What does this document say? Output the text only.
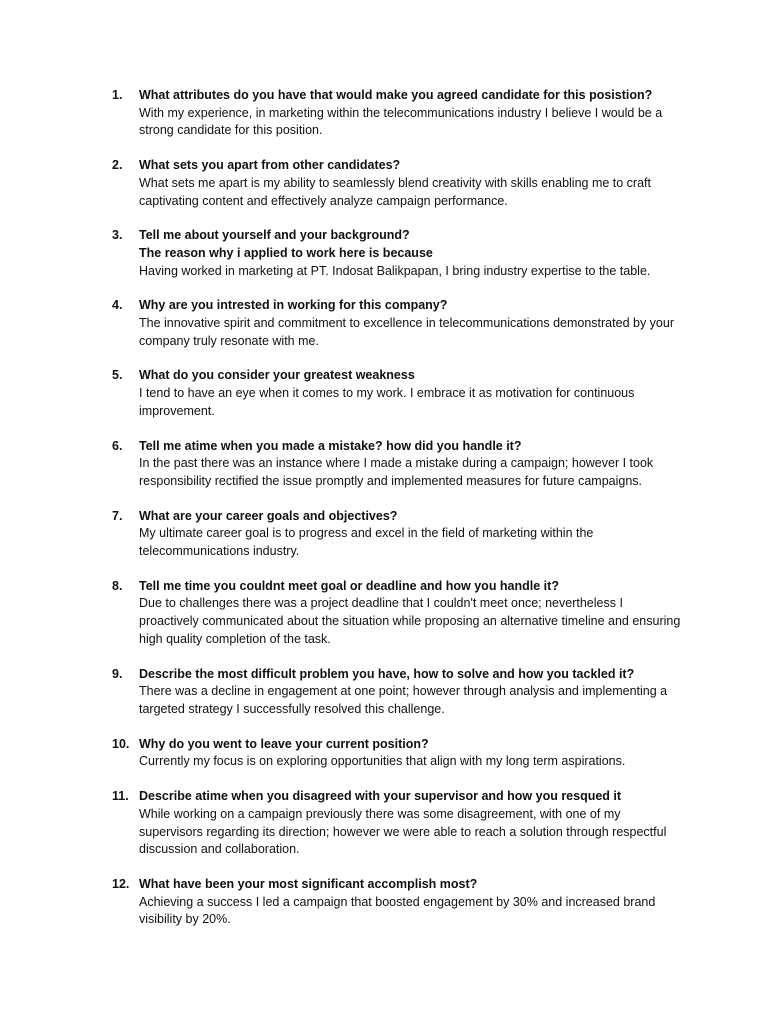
1.	What attributes do you have that would make you agreed candidate for this posistion?
With my experience, in marketing within the telecommunications industry I believe I would be a strong candidate for this position.
2.	What sets you apart from other candidates?
What sets me apart is my ability to seamlessly blend creativity with skills enabling me to craft captivating content and effectively analyze campaign performance.
3.	Tell me about yourself and your background?
The reason why i applied to work here is because
Having worked in marketing at PT. Indosat Balikpapan, I bring industry expertise to the table.
4.	Why are you intrested in working for this company?
The innovative spirit and commitment to excellence in telecommunications demonstrated by your company truly resonate with me.
5.	What do you consider your greatest weakness
I tend to have an eye when it comes to my work. I embrace it as motivation for continuous improvement.
6.	Tell me atime when you made a mistake? how did you handle it?
In the past there was an instance where I made a mistake during a campaign; however I took responsibility rectified the issue promptly and implemented measures for future campaigns.
7.	What are your career goals and objectives?
My ultimate career goal is to progress and excel in the field of marketing within the telecommunications industry.
8.	Tell me time you couldnt meet goal or deadline and how you handle it?
Due to challenges there was a project deadline that I couldn't meet once; nevertheless I proactively communicated about the situation while proposing an alternative timeline and ensuring high quality completion of the task.
9.	Describe the most difficult problem you have, how to solve and how you tackled it?
There was a decline in engagement at one point; however through analysis and implementing a targeted strategy I successfully resolved this challenge.
10. Why do you went to leave your current position?
Currently my focus is on exploring opportunities that align with my long term aspirations.
11. Describe atime when you disagreed with your supervisor and how you resqued it
While working on a campaign previously there was some disagreement, with one of my supervisors regarding its direction; however we were able to reach a solution through respectful discussion and collaboration.
12. What have been your most significant accomplish most?
Achieving a success I led a campaign that boosted engagement by 30% and increased brand visibility by 20%.
